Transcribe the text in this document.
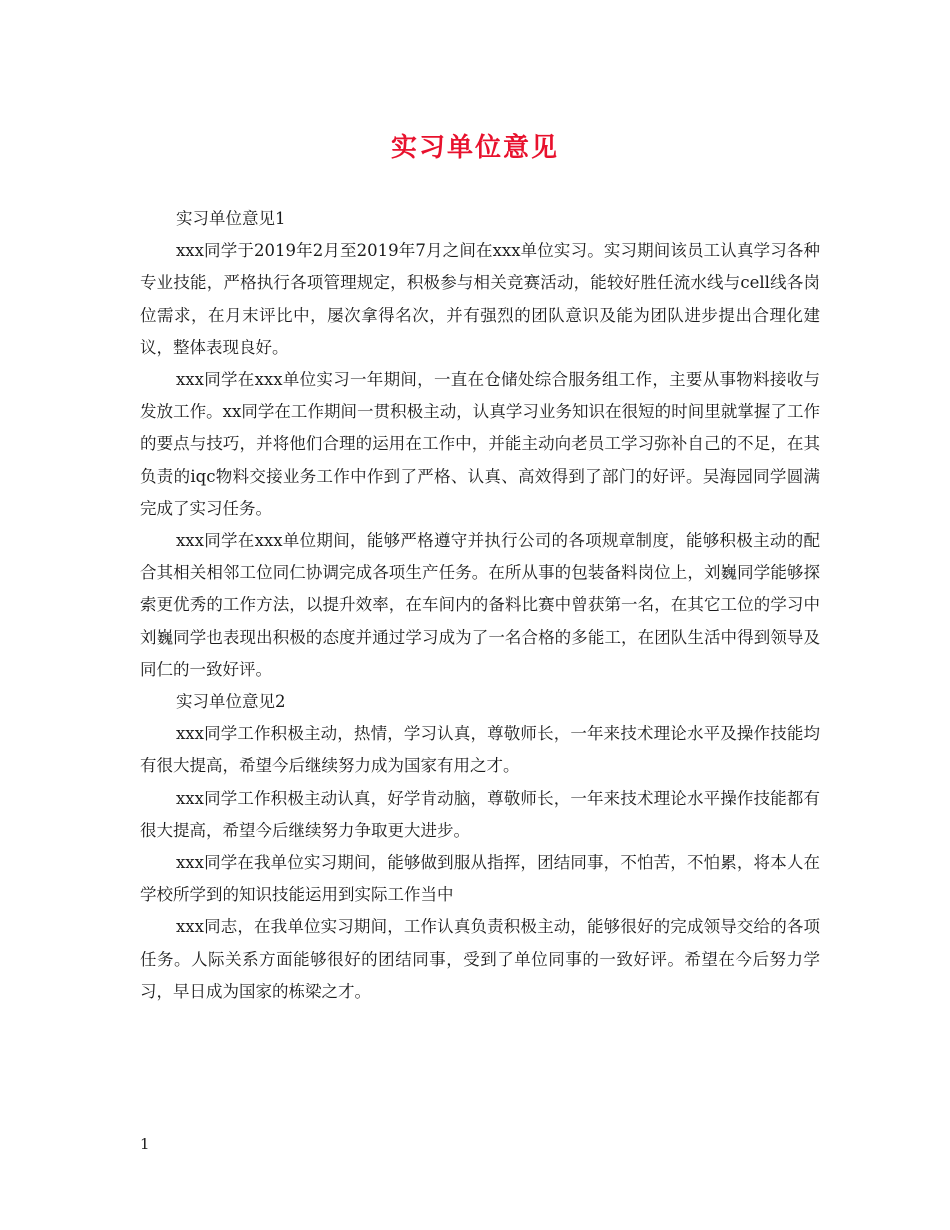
实习单位意见

实习单位意见1

xxx同学于2019年2月至2019年7月之间在xxx单位实习。实习期间该员工认真学习各种专业技能，严格执行各项管理规定，积极参与相关竞赛活动，能较好胜任流水线与cell线各岗位需求，在月末评比中，屡次拿得名次，并有强烈的团队意识及能为团队进步提出合理化建议，整体表现良好。

xxx同学在xxx单位实习一年期间，一直在仓储处综合服务组工作，主要从事物料接收与发放工作。xx同学在工作期间一贯积极主动，认真学习业务知识在很短的时间里就掌握了工作的要点与技巧，并将他们合理的运用在工作中，并能主动向老员工学习弥补自己的不足，在其负责的iqc物料交接业务工作中作到了严格、认真、高效得到了部门的好评。吴海园同学圆满完成了实习任务。

xxx同学在xxx单位期间，能够严格遵守并执行公司的各项规章制度，能够积极主动的配合其相关相邻工位同仁协调完成各项生产任务。在所从事的包装备料岗位上，刘巍同学能够探索更优秀的工作方法，以提升效率，在车间内的备料比赛中曾获第一名，在其它工位的学习中刘巍同学也表现出积极的态度并通过学习成为了一名合格的多能工，在团队生活中得到领导及同仁的一致好评。

实习单位意见2

xxx同学工作积极主动，热情，学习认真，尊敬师长，一年来技术理论水平及操作技能均有很大提高，希望今后继续努力成为国家有用之才。

xxx同学工作积极主动认真，好学肯动脑，尊敬师长，一年来技术理论水平操作技能都有很大提高，希望今后继续努力争取更大进步。

xxx同学在我单位实习期间，能够做到服从指挥，团结同事，不怕苦，不怕累，将本人在学校所学到的知识技能运用到实际工作当中

xxx同志，在我单位实习期间，工作认真负责积极主动，能够很好的完成领导交给的各项任务。人际关系方面能够很好的团结同事，受到了单位同事的一致好评。希望在今后努力学习，早日成为国家的栋梁之才。

1
